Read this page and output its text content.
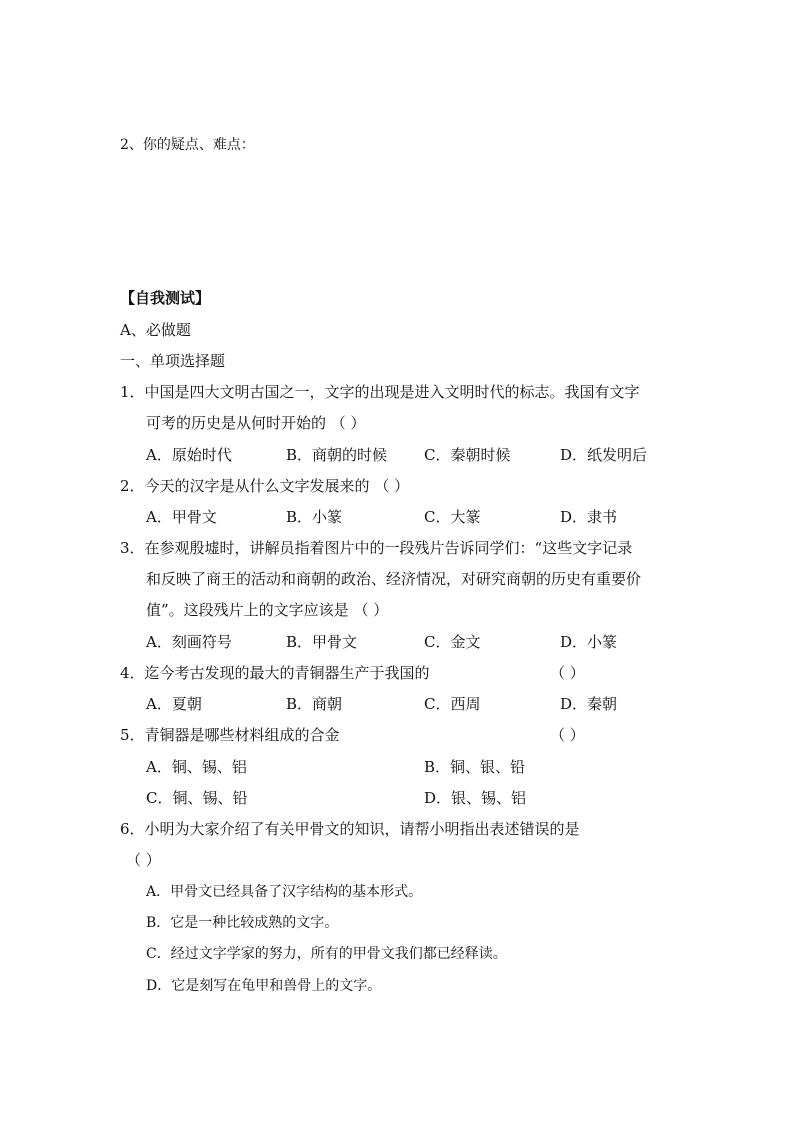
2、你的疑点、难点：
【自我测试】
A、必做题
一、单项选择题
1．中国是四大文明古国之一，文字的出现是进入文明时代的标志。我国有文字
可考的历史是从何时开始的 （ ）
A．原始时代	B．商朝的时候 C．秦朝时候	D．纸发明后
2．今天的汉字是从什么文字发展来的 （ ）
A．甲骨文	B．小篆	C．大篆	D．隶书
3．在参观殷墟时，讲解员指着图片中的一段残片告诉同学们：“这些文字记录
和反映了商王的活动和商朝的政治、经济情况，对研究商朝的历史有重要价
值”。这段残片上的文字应该是 （ ）
A．刻画符号	B．甲骨文	C．金文	D．小篆
4．迄今考古发现的最大的青铜器生产于我国的	（ ）
A．夏朝	B．商朝	C．西周	D．秦朝
5．青铜器是哪些材料组成的合金	（ ）
A．铜、锡、铝	B．铜、银、铅
C．铜、锡、铅	D．银、锡、铝
6．小明为大家介绍了有关甲骨文的知识，请帮小明指出表述错误的是
（ ）
A．甲骨文已经具备了汉字结构的基本形式。
B．它是一种比较成熟的文字。
C．经过文字学家的努力，所有的甲骨文我们都已经释读。
D．它是刻写在龟甲和兽骨上的文字。
